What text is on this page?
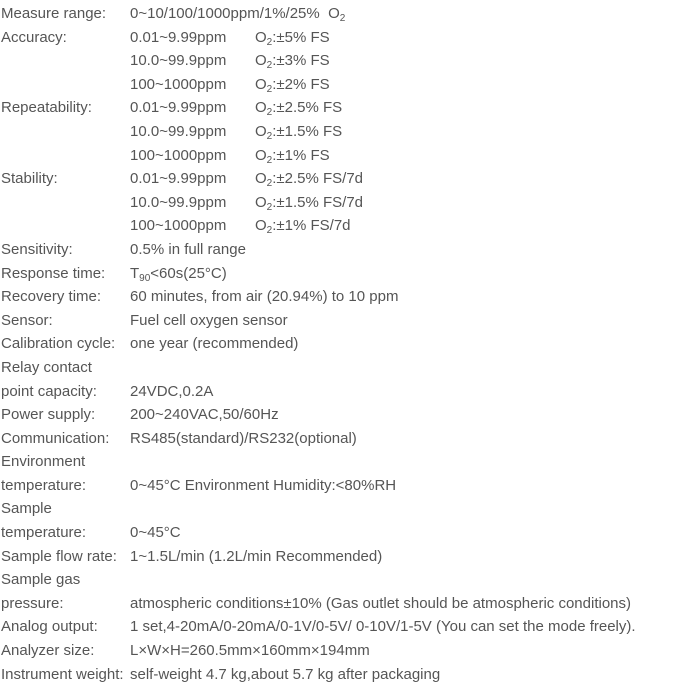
Measure range:	0~10/100/1000ppm/1%/25% $O_2$
Accuracy:	0.01~9.99ppm $O_2:\pm 5\%$ FS
10.0~99.9ppm $O_2:\pm 3\%$ FS
100~1000ppm $O_2:\pm 2\%$ FS
Repeatability:	0.01~9.99ppm $O_2:\pm 2.5\%$ FS
10.0~99.9ppm $O_2:\pm 1.5\%$ FS
100~1000ppm $O_2:\pm 1\%$ FS
Stability:	0.01~9.99ppm $O_2:\pm 2.5\%$ FS/7d
10.0~99.9ppm $O_2:\pm 1.5\%$ FS/7d
100~1000ppm $O_2:\pm 1\%$ FS/7d
Sensitivity:	0.5% in full range
Response time:	$T_{90}<60s(25^\circ C)$
Recovery time:	60 minutes, from air (20.94%) to 10 ppm
Sensor:	Fuel cell oxygen sensor
Calibration cycle: one year (recommended)
Relay contact
point capacity:	24VDC,0.2A
Power supply:	200~240VAC,50/60Hz
Communication:	RS485(standard)/RS232(optional)
Environment
temperature:	0~45°C Environment Humidity:<80%RH
Sample
temperature:	0~45°C
Sample flow rate: 1~1.5L/min (1.2L/min Recommended)
Sample gas
pressure:	atmospheric conditions±10% (Gas outlet should be atmospheric conditions)
Analog output:	1 set,4-20mA/0-20mA/0-1V/0-5V/ 0-10V/1-5V (You can set the mode freely).
Analyzer size:	L×W×H=260.5mm×160mm×194mm
Instrument weight: self-weight 4.7 kg,about 5.7 kg after packaging
